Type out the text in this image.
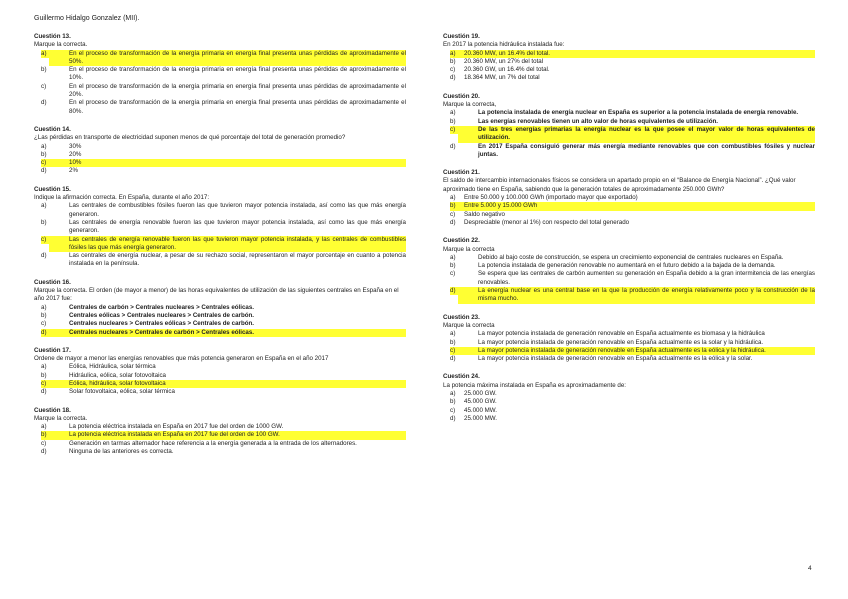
Guillermo Hidalgo Gonzalez (MII).
Cuestión 13.
Marque la correcta.
a)	En el proceso de transformación de la energía primaria en energía final presenta unas pérdidas de aproximadamente el 50%.
b)	En el proceso de transformación de la energía primaria en energía final presenta unas pérdidas de aproximadamente el 10%.
c)	En el proceso de transformación de la energía primaria en energía final presenta unas pérdidas de aproximadamente el 20%.
d)	En el proceso de transformación de la energía primaria en energía final presenta unas pérdidas de aproximadamente el 80%.
Cuestión 14.
¿Las pérdidas en transporte de electricidad suponen menos de qué porcentaje del total de generación promedio?
a)	30%
b)	20%
c)	10%
d)	2%
Cuestión 15.
Indique la afirmación correcta. En España, durante el año 2017:
a)	Las centrales de combustibles fósiles fueron las que tuvieron mayor potencia instalada, así como las que más energía generaron.
b)	Las centrales de energía renovable fueron las que tuvieron mayor potencia instalada, así como las que más energía generaron.
c)	Las centrales de energía renovable fueron las que tuvieron mayor potencia instalada, y las centrales de combustibles fósiles las que más energía generaron.
d)	Las centrales de energía nuclear, a pesar de su rechazo social, representaron el mayor porcentaje en cuanto a potencia instalada en la península.
Cuestión 16.
Marque la correcta. El orden (de mayor a menor) de las horas equivalentes de utilización de las siguientes centrales en España en el año 2017 fue:
a)	Centrales de carbón > Centrales nucleares > Centrales eólicas.
b)	Centrales eólicas > Centrales nucleares > Centrales de carbón.
c)	Centrales nucleares > Centrales eólicas > Centrales de carbón.
d)	Centrales nucleares > Centrales de carbón > Centrales eólicas.
Cuestión 17.
Ordene de mayor a menor las energías renovables que más potencia generaron en España en el año 2017
a)	Eólica, Hidráulica, solar térmica
b)	Hidráulica, eólica, solar fotovoltaica
c)	Eólica, hidráulica, solar fotovoltaica
d)	Solar fotovoltaica, eólica, solar térmica
Cuestión 18.
Marque la correcta.
a)	La potencia eléctrica instalada en España en 2017 fue del orden de 1000 GW.
b)	La potencia eléctrica instalada en España en 2017 fue del orden de 100 GW.
c)	Generación en tarmas alternador hace referencia a la energía generada a la entrada de los alternadores.
d)	Ninguna de las anteriores es correcta.
Cuestión 19.
En 2017 la potencia hidráulica instalada fue:
a)	20.360 MW, un 16.4% del total.
b)	20.360 MW, un 27% del total
c)	20.360 GW, un 16.4% del total.
d)	18.364 MW, un 7% del total
Cuestión 20.
Marque la correcta,
a)	La potencia instalada de energía nuclear en España es superior a la potencia instalada de energía renovable.
b)	Las energías renovables tienen un alto valor de horas equivalentes de utilización.
c)	De las tres energías primarias la energía nuclear es la que posee el mayor valor de horas equivalentes de utilización.
d)	En 2017 España consiguió generar más energía mediante renovables que con combustibles fósiles y nuclear juntas.
Cuestión 21.
El saldo de intercambio internacionales físicos se considera un apartado propio en el “Balance de Energía Nacional”. ¿Qué valor aproximado tiene en España, sabiendo que la generación totales de aproximadamente 250.000 GWh?
a)	Entre 50.000 y 100.000 GWh (importado mayor que exportado)
b)	Entre 5.000 y 15.000 GWh
c)	Saldo negativo
d)	Despreciable (menor al 1%) con respecto del total generado
Cuestión 22.
Marque la correcta
a)	Debido al bajo coste de construcción, se espera un crecimiento exponencial de centrales nucleares en España.
b)	La potencia instalada de generación renovable no aumentará en el futuro debido a la bajada de la demanda.
c)	Se espera que las centrales de carbón aumenten su generación en España debido a la gran intermitencia de las energías renovables.
d)	La energía nuclear es una central base en la que la producción de energía relativamente poco y la construcción de la misma mucho.
Cuestión 23.
Marque la correcta
a)	La mayor potencia instalada de generación renovable en España actualmente es biomasa y la hidráulica
b)	La mayor potencia instalada de generación renovable en España actualmente es la solar y la hidráulica.
c)	La mayor potencia instalada de generación renovable en España actualmente es la eólica y la hidráulica.
d)	La mayor potencia instalada de generación renovable en España actualmente es la eólica y la solar.
Cuestión 24.
La potencia máxima instalada en España es aproximadamente de:
a)	25.000 GW.
b)	45.000 GW.
c)	45.000 MW.
d)	25.000 MW.
4
